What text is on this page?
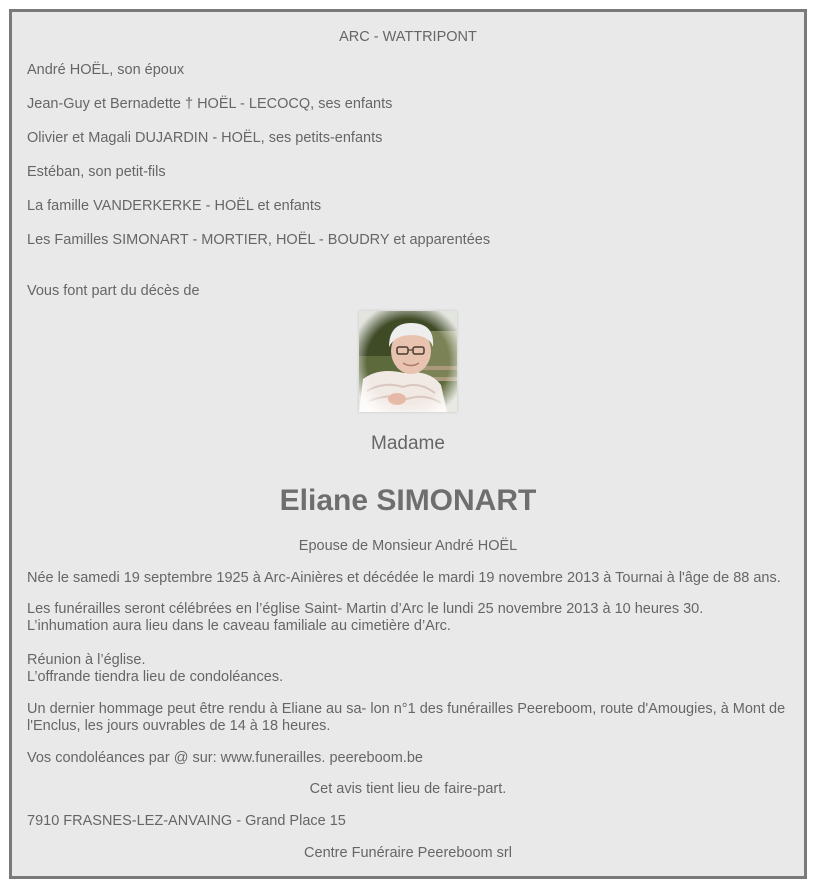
ARC - WATTRIPONT
André HOËL, son époux
Jean-Guy et Bernadette † HOËL - LECOCQ, ses enfants
Olivier et Magali DUJARDIN - HOËL, ses petits-enfants
Estéban, son petit-fils
La famille VANDERKERKE - HOËL et enfants
Les Familles SIMONART - MORTIER, HOËL - BOUDRY et apparentées
Vous font part du décès de
Madame
Eliane SIMONART
Epouse de Monsieur André HOËL
Née le samedi 19 septembre 1925 à Arc-Ainières et décédée le mardi 19 novembre 2013 à Tournai à l'âge de 88 ans.
Les funérailles seront célébrées en l’église Saint- Martin d’Arc le lundi 25 novembre 2013 à 10 heures 30.
L’inhumation aura lieu dans le caveau familiale au cimetière d’Arc.
Réunion à l’église.
L’offrande tiendra lieu de condoléances.
Un dernier hommage peut être rendu à Eliane au sa- lon n°1 des funérailles Peereboom, route d'Amougies, à Mont de l'Enclus, les jours ouvrables de 14 à 18 heures.
Vos condoléances par @ sur: www.funerailles. peereboom.be
Cet avis tient lieu de faire-part.
7910 FRASNES-LEZ-ANVAING - Grand Place 15
Centre Funéraire Peereboom srl
